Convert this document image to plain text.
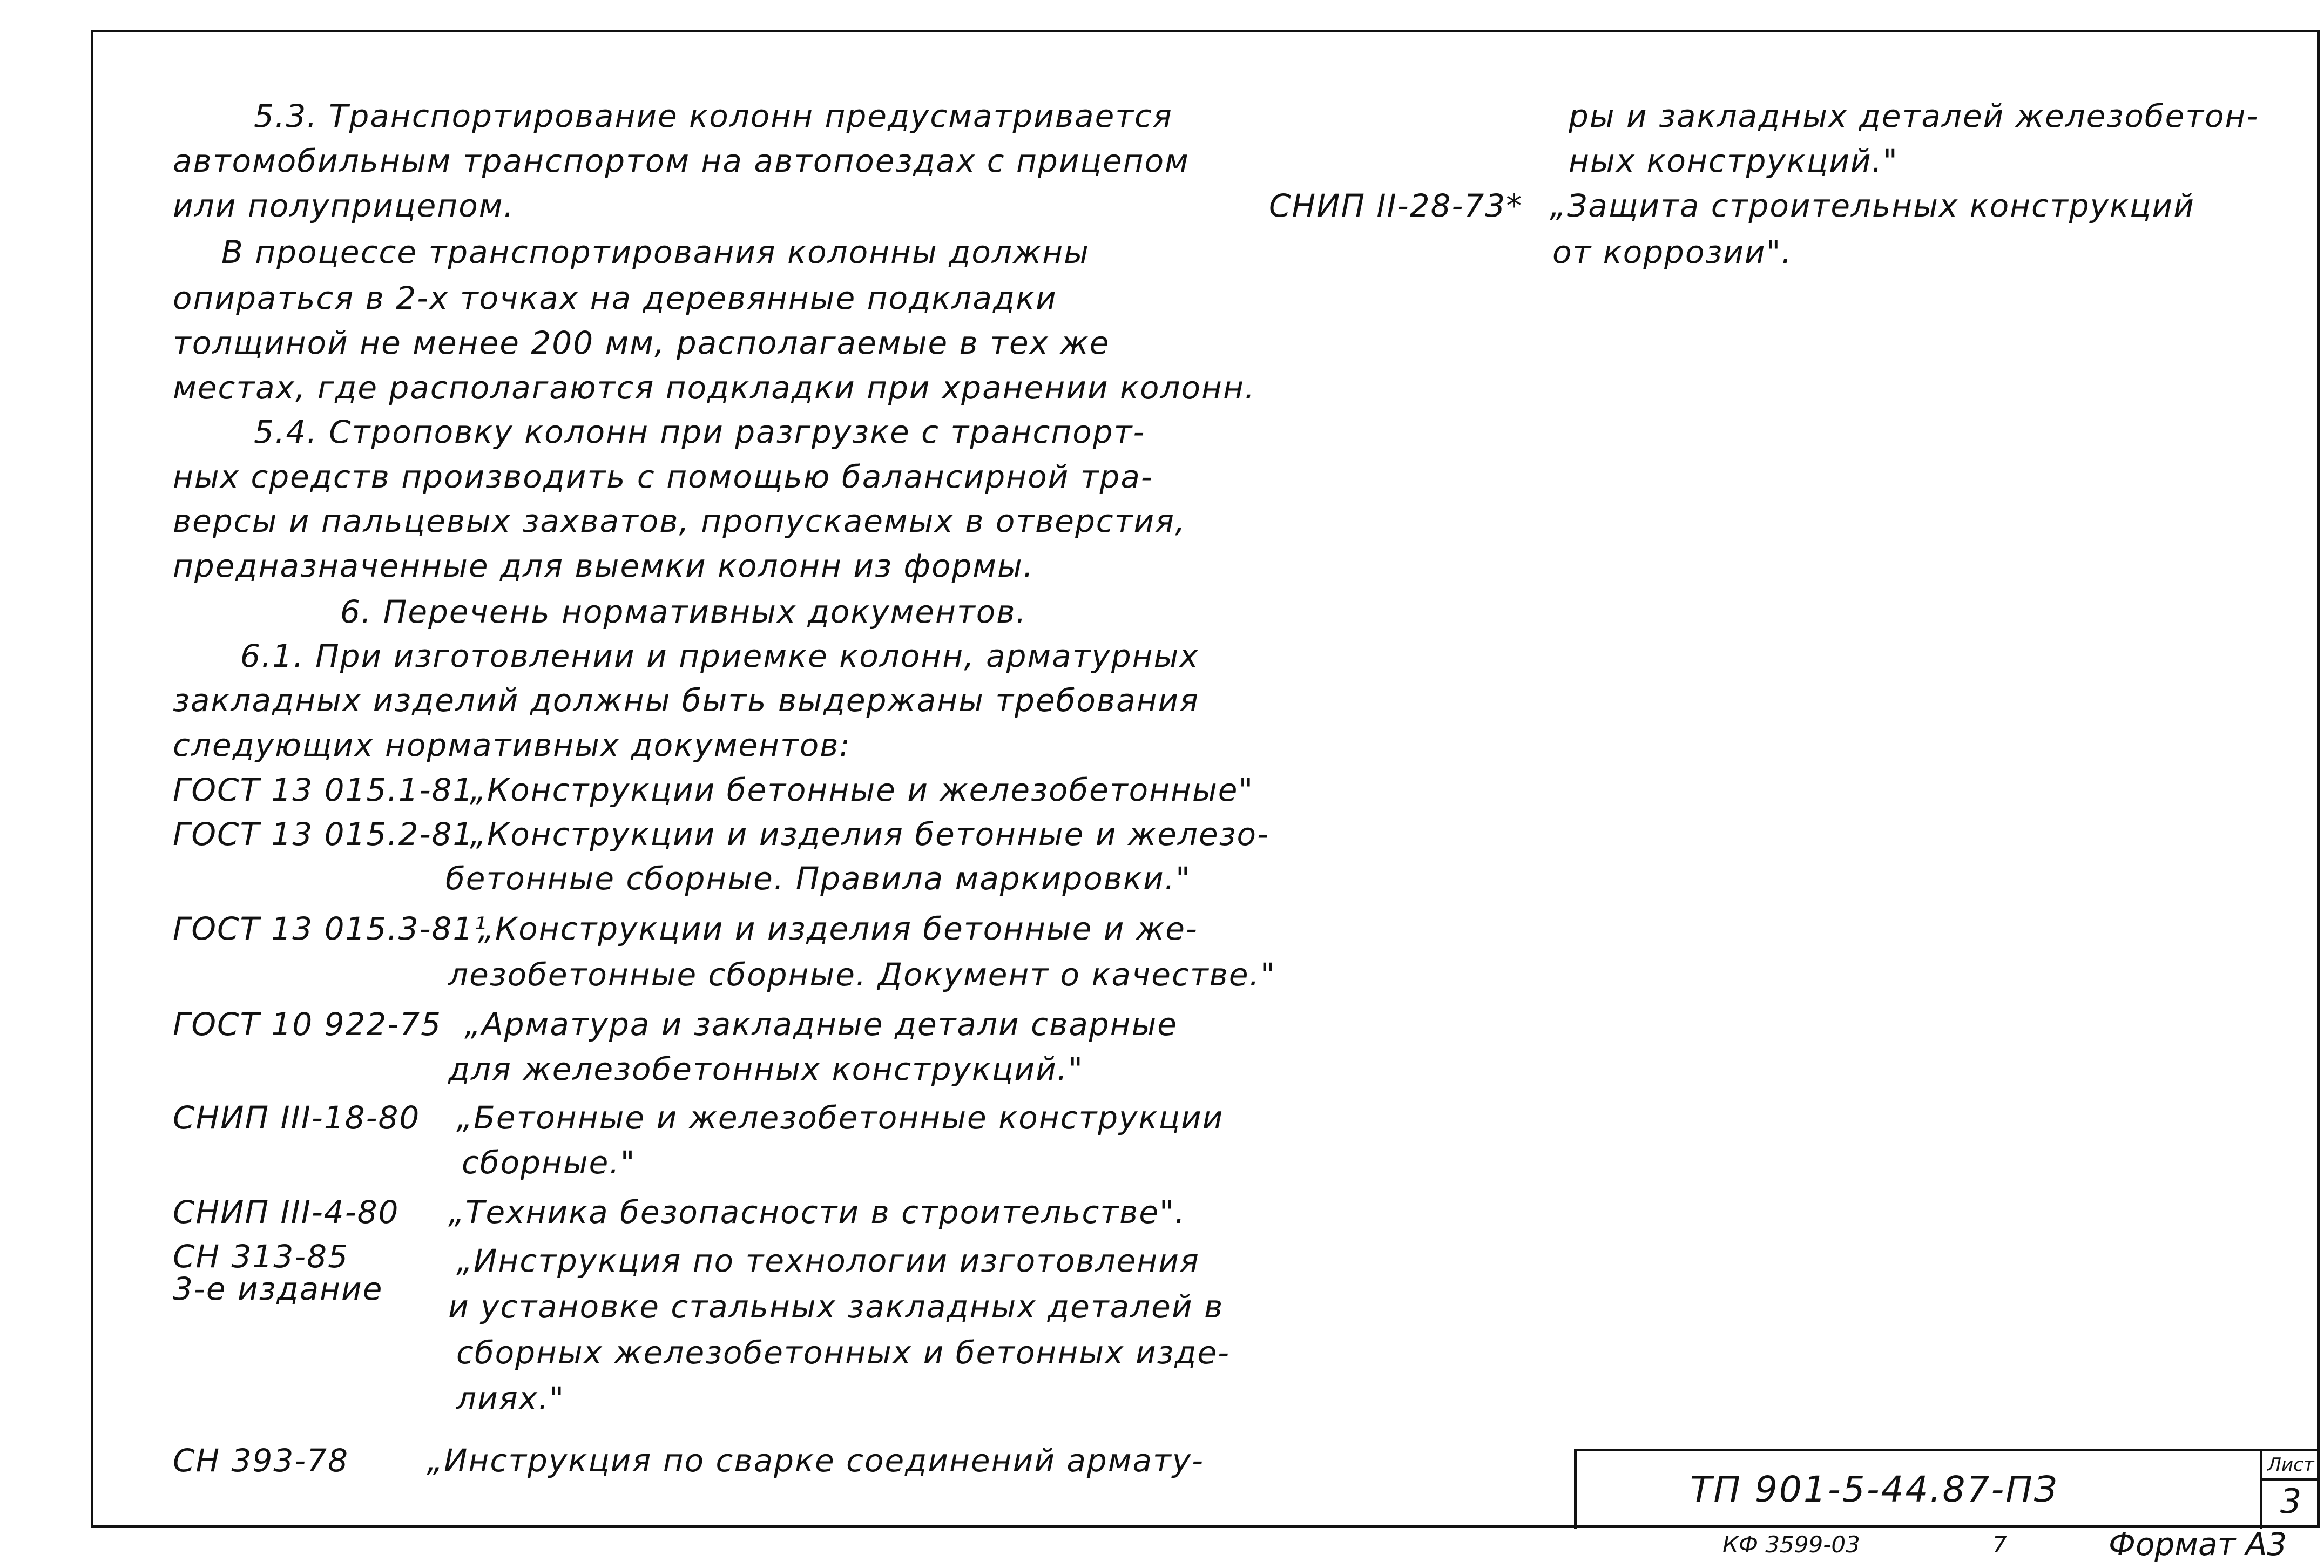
5.3. Транспортирование колонн предусматривается
автомобильным транспортом на автопоездах с прицепом
или полуприцепом.
В процессе транспортирования колонны должны
опираться в 2-х точках на деревянные подкладки
толщиной не менее 200 мм, располагаемые в тех же
местах, где располагаются подкладки при хранении колонн.
5.4. Строповку колонн при разгрузке с транспорт-
ных средств производить с помощью балансирной тра-
версы и пальцевых захватов, пропускаемых в отверстия,
предназначенные для выемки колонн из формы.
6. Перечень нормативных документов.
6.1. При изготовлении и приемке колонн, арматурных
закладных изделий должны быть выдержаны требования
следующих нормативных документов:
ГОСТ 13 015.1-81
„Конструкции бетонные и железобетонные"
ГОСТ 13 015.2-81
„Конструкции и изделия бетонные и железо-
бетонные сборные. Правила маркировки."
ГОСТ 13 015.3-81¹
„Конструкции и изделия бетонные и же-
лезобетонные сборные. Документ о качестве."
ГОСТ 10 922-75 „Арматура и закладные детали сварные
для железобетонных конструкций."
СНИП III-18-80 „Бетонные и железобетонные конструкции
сборные."
СНИП III-4-80 „Техника безопасности в строительстве".
СН 313-85
3-е издание
„Инструкция по технологии изготовления
и установке стальных закладных деталей в
сборных железобетонных и бетонных изде-
лиях."
СН 393-78 „Инструкция по сварке соединений армату-
ры и закладных деталей железобетон-
ных конструкций."
СНИП II-28-73* „Защита строительных конструкций
от коррозии".
ТП 901-5-44.87-ПЗ
Лист
3
КФ 3599-03	7	Формат А3
